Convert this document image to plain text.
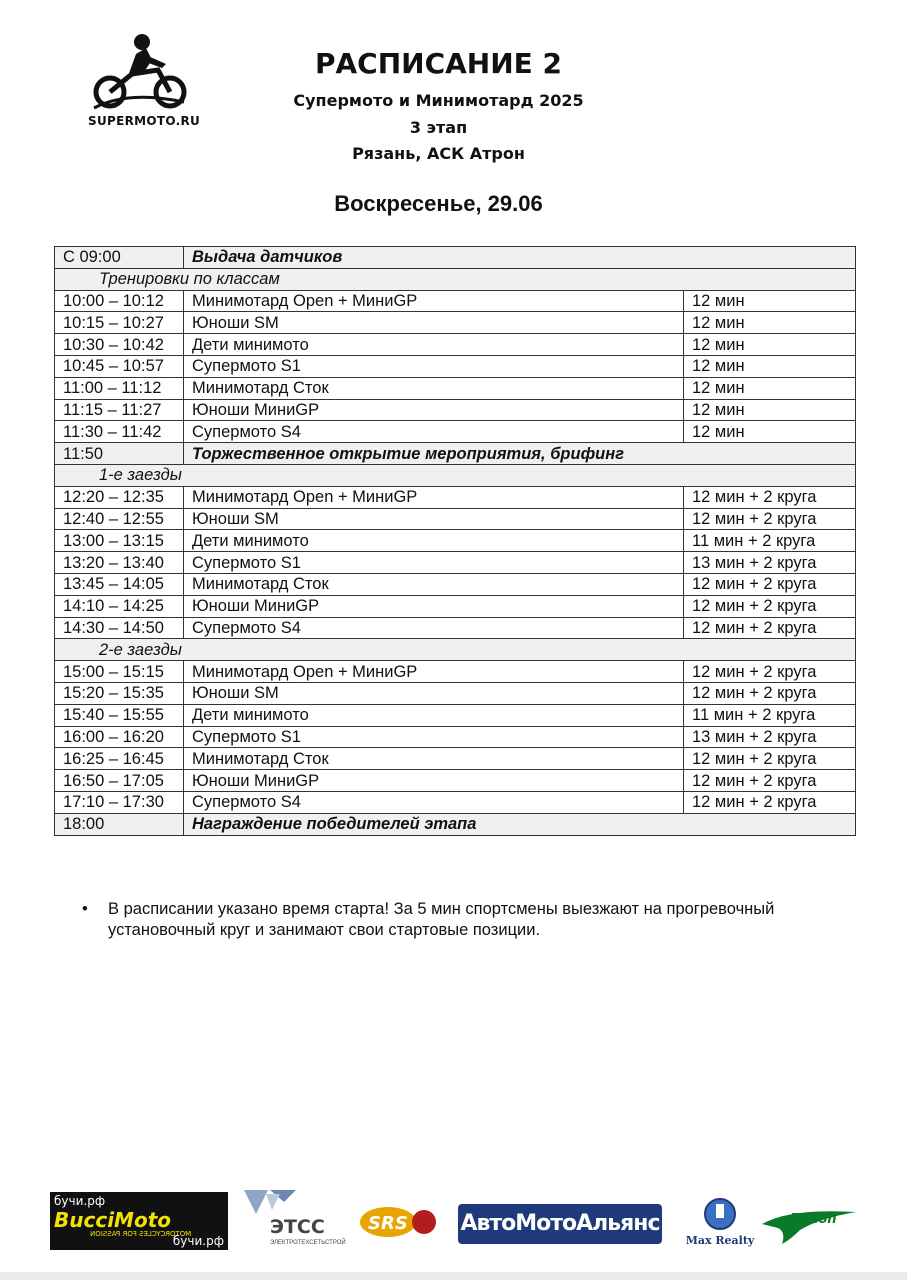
SUPERMOTO.RU
РАСПИСАНИЕ 2
Супермото и Минимотард 2025
3 этап
Рязань, АСК Атрон
Воскресенье, 29.06
С 09:00	Выдача датчиков	
Тренировки по классам		
10:00 – 10:12	Минимотард Open + МиниGP	12 мин
10:15 – 10:27	Юноши SM	12 мин
10:30 – 10:42	Дети минимото	12 мин
10:45 – 10:57	Супермото S1	12 мин
11:00 – 11:12	Минимотард Сток	12 мин
11:15 – 11:27	Юноши МиниGP	12 мин
11:30 – 11:42	Супермото S4	12 мин
11:50	Торжественное открытие мероприятия, брифинг	
1-е заезды		
12:20 – 12:35	Минимотард Open + МиниGP	12 мин + 2 круга
12:40 – 12:55	Юноши SM	12 мин + 2 круга
13:00 – 13:15	Дети минимото	11 мин + 2 круга
13:20 – 13:40	Супермото S1	13 мин + 2 круга
13:45 – 14:05	Минимотард Сток	12 мин + 2 круга
14:10 – 14:25	Юноши МиниGP	12 мин + 2 круга
14:30 – 14:50	Супермото S4	12 мин + 2 круга
2-е заезды		
15:00 – 15:15	Минимотард Open + МиниGP	12 мин + 2 круга
15:20 – 15:35	Юноши SM	12 мин + 2 круга
15:40 – 15:55	Дети минимото	11 мин + 2 круга
16:00 – 16:20	Супермото S1	13 мин + 2 круга
16:25 – 16:45	Минимотард Сток	12 мин + 2 круга
16:50 – 17:05	Юноши МиниGP	12 мин + 2 круга
17:10 – 17:30	Супермото S4	12 мин + 2 круга
18:00	Награждение победителей этапа	
• В расписании указано время старта! За 5 мин спортсмены выезжают на прогревочный установочный круг и занимают свои стартовые позиции.
бучи.рф
BucciMoto
MOTORCYCLES FOR PASSION
бучи.рф
ЭТСС
ЭЛЕКТРОТЕХСЕТЬСТРОЙ
SRS АвтоМотоАльянс
Max Realty
Falcon
